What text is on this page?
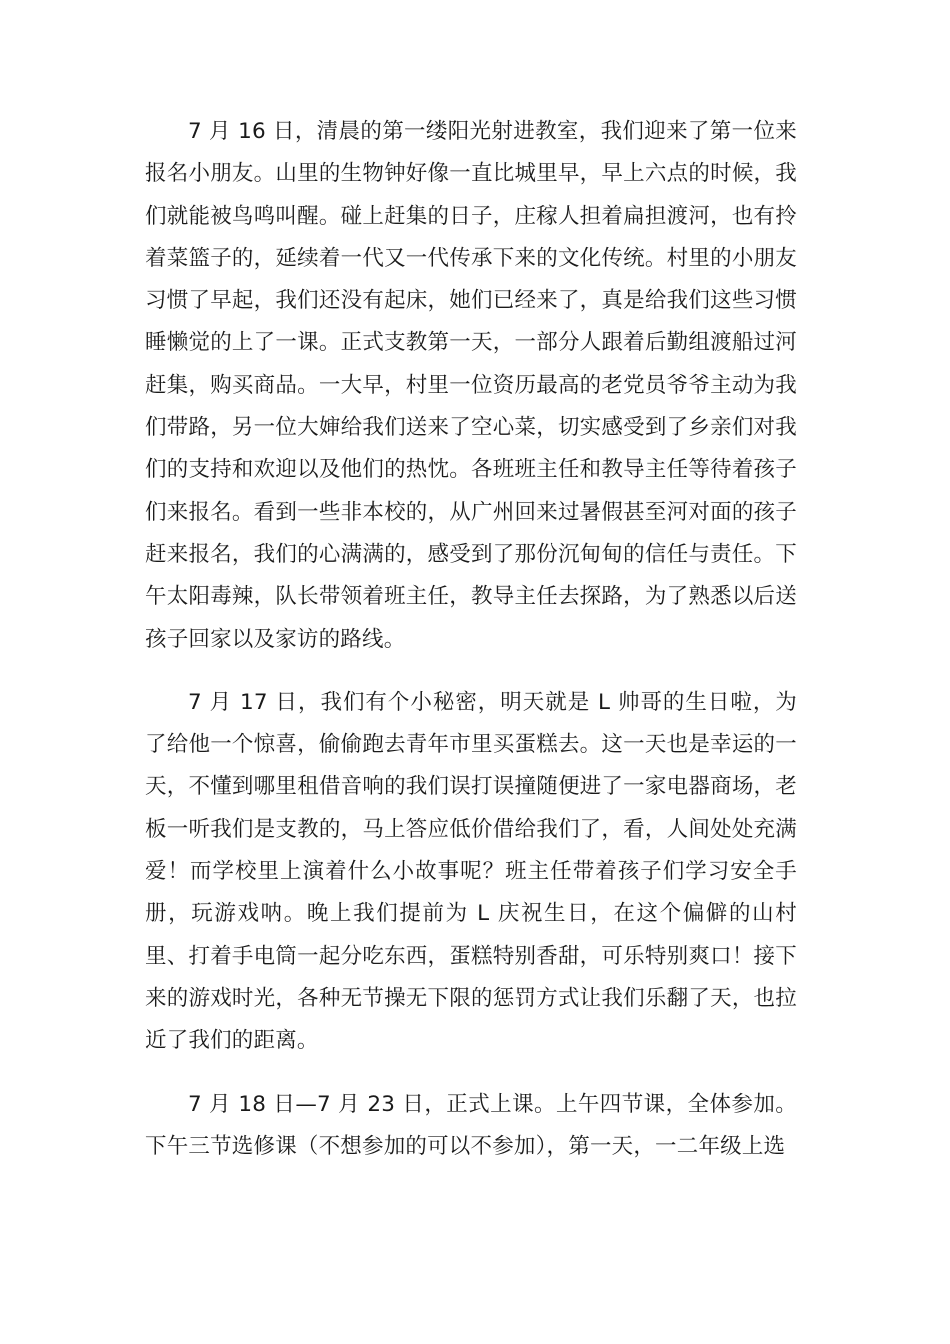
7 月 16 日，清晨的第一缕阳光射进教室，我们迎来了第一位来报名小朋友。山里的生物钟好像一直比城里早，早上六点的时候，我们就能被鸟鸣叫醒。碰上赶集的日子，庄稼人担着扁担渡河，也有拎着菜篮子的，延续着一代又一代传承下来的文化传统。村里的小朋友习惯了早起，我们还没有起床，她们已经来了，真是给我们这些习惯睡懒觉的上了一课。正式支教第一天，一部分人跟着后勤组渡船过河赶集，购买商品。一大早，村里一位资历最高的老党员爷爷主动为我们带路，另一位大婶给我们送来了空心菜，切实感受到了乡亲们对我们的支持和欢迎以及他们的热忱。各班班主任和教导主任等待着孩子们来报名。看到一些非本校的，从广州回来过暑假甚至河对面的孩子赶来报名，我们的心满满的，感受到了那份沉甸甸的信任与责任。下午太阳毒辣，队长带领着班主任，教导主任去探路，为了熟悉以后送孩子回家以及家访的路线。

7 月 17 日，我们有个小秘密，明天就是 L 帅哥的生日啦，为了给他一个惊喜，偷偷跑去青年市里买蛋糕去。这一天也是幸运的一天，不懂到哪里租借音响的我们误打误撞随便进了一家电器商场，老板一听我们是支教的，马上答应低价借给我们了，看，人间处处充满爱！而学校里上演着什么小故事呢？班主任带着孩子们学习安全手册，玩游戏呐。晚上我们提前为 L 庆祝生日，在这个偏僻的山村里、打着手电筒一起分吃东西，蛋糕特别香甜，可乐特别爽口！接下来的游戏时光，各种无节操无下限的惩罚方式让我们乐翻了天，也拉近了我们的距离。

7 月 18 日—7 月 23 日，正式上课。上午四节课，全体参加。下午三节选修课（不想参加的可以不参加），第一天，一二年级上选
